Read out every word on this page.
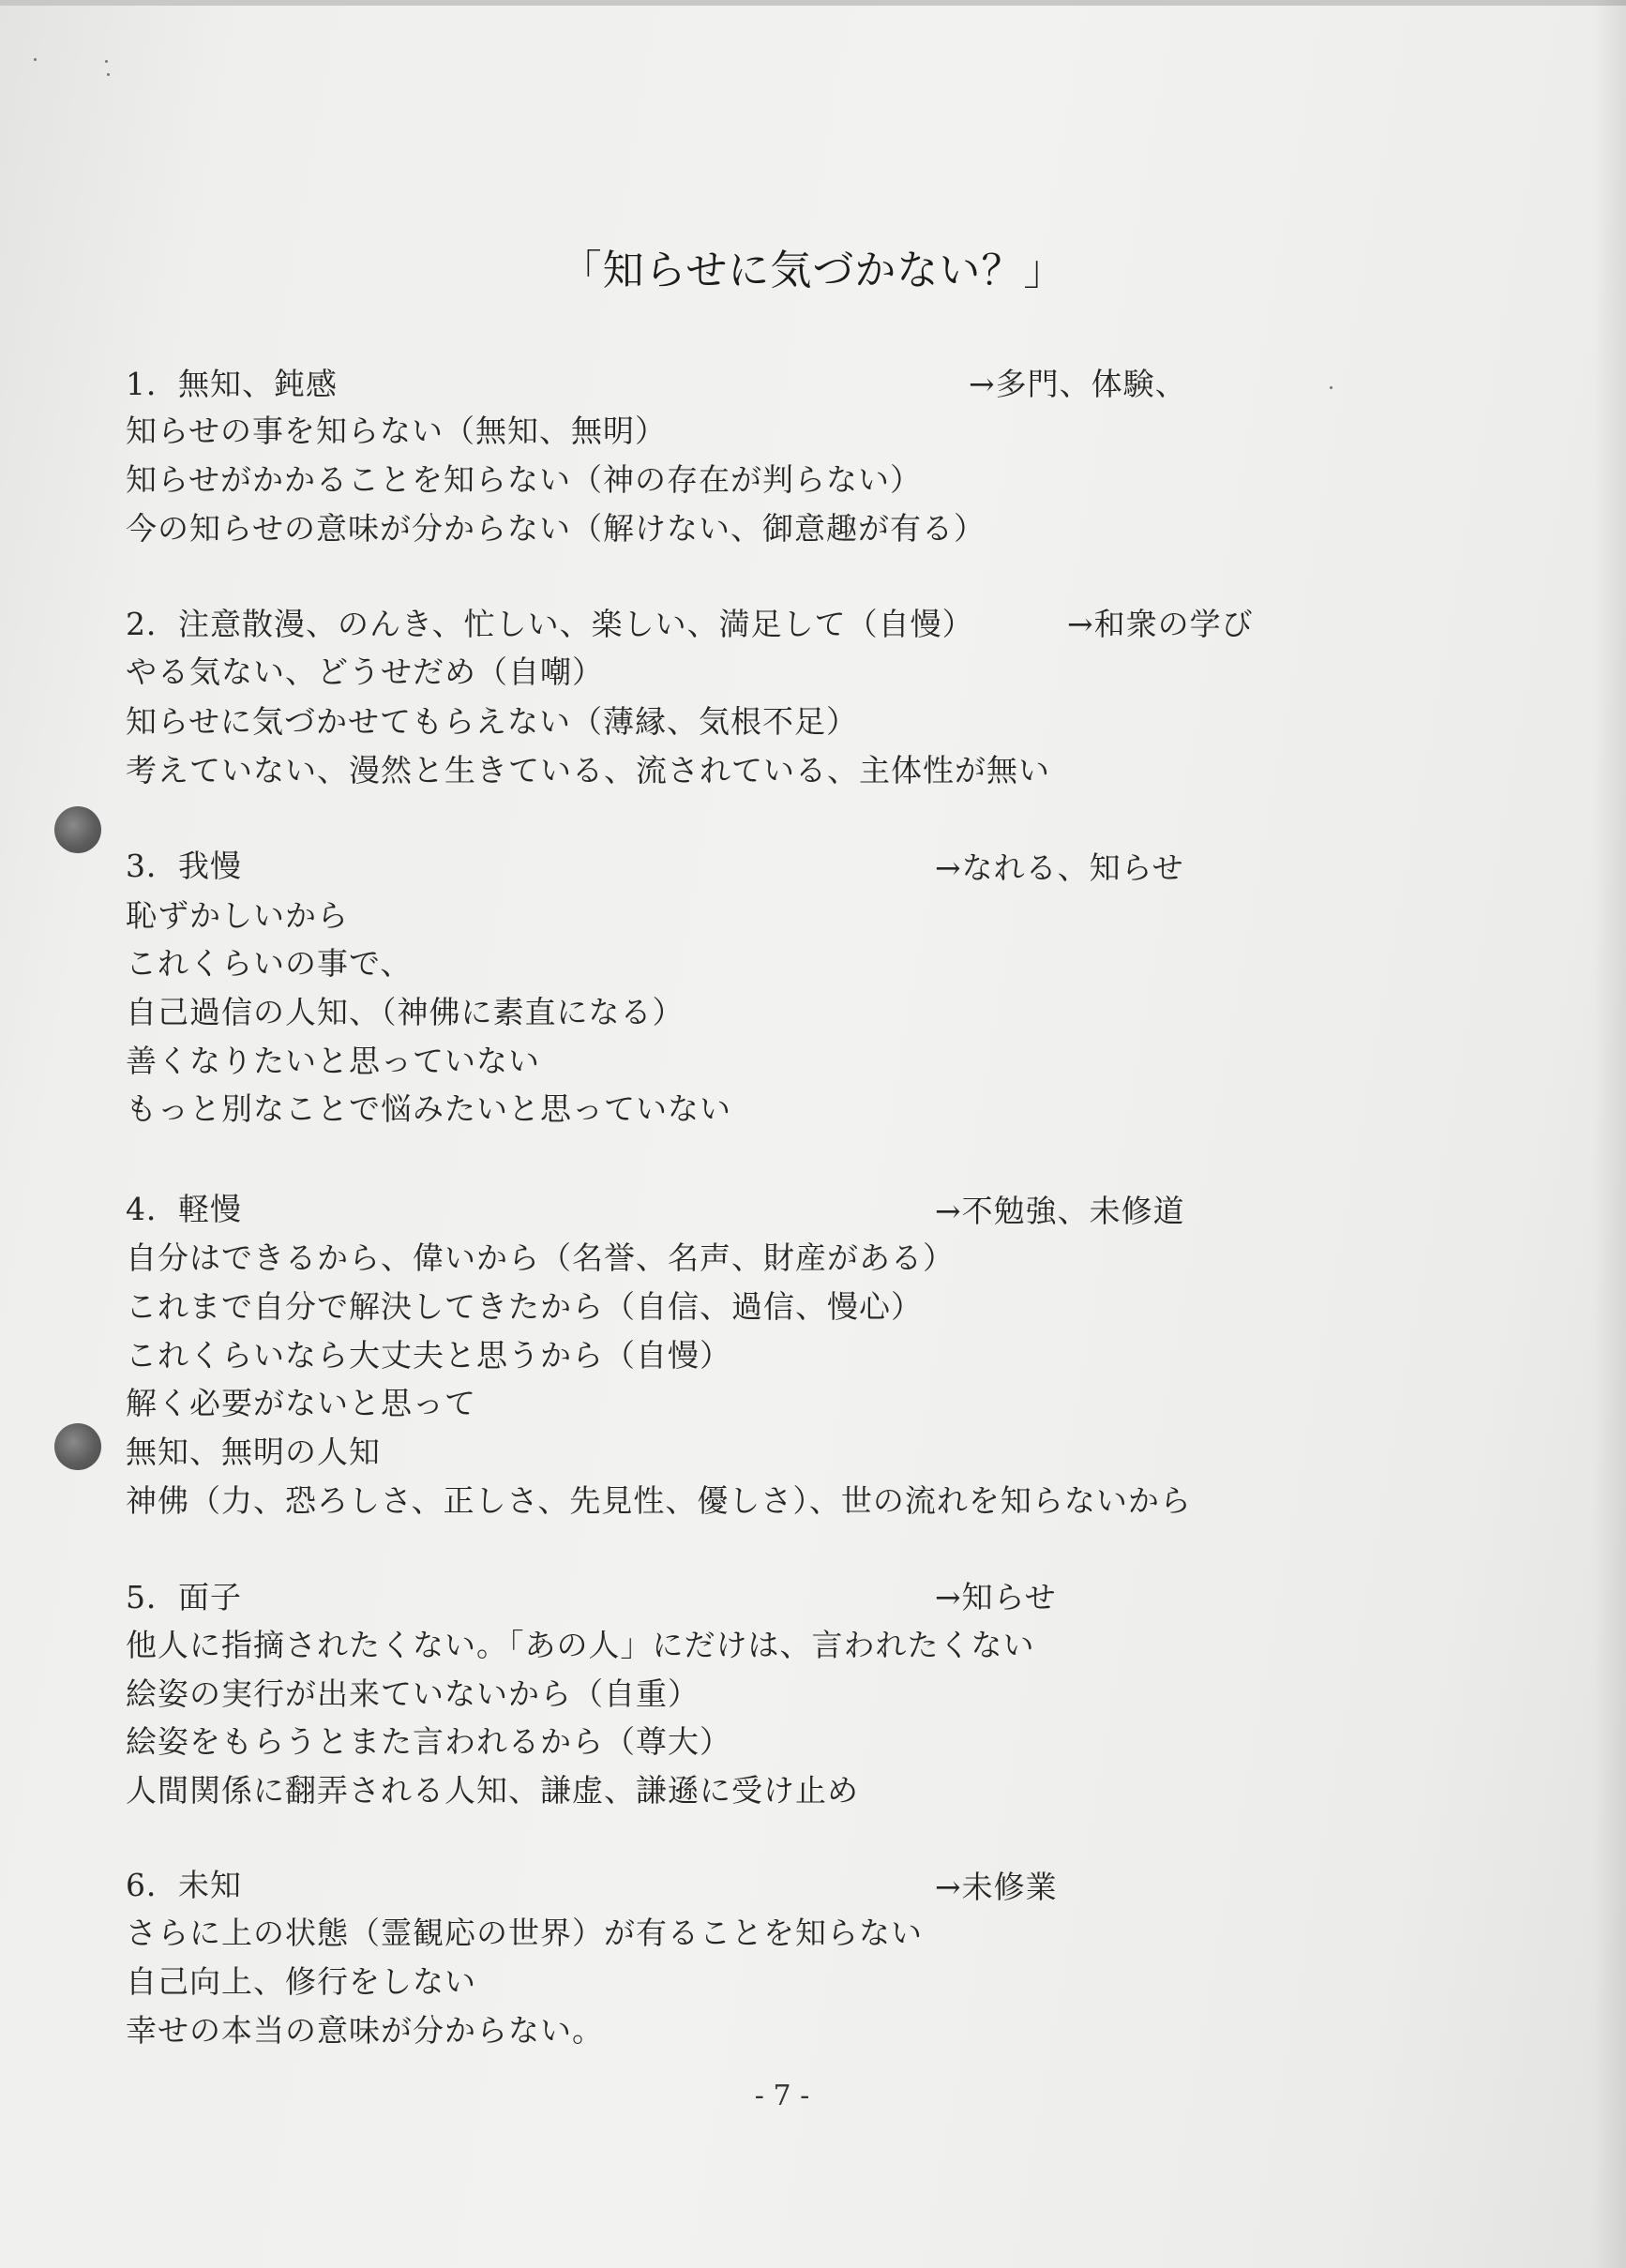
「知らせに気づかない？」
1．無知、鈍感	→多門、体験、
知らせの事を知らない（無知、無明）
知らせがかかることを知らない（神の存在が判らない）
今の知らせの意味が分からない（解けない、御意趣が有る）
2．注意散漫、のんき、忙しい、楽しい、満足して（自慢）	→和衆の学び
やる気ない、どうせだめ（自嘲）
知らせに気づかせてもらえない（薄縁、気根不足）
考えていない、漫然と生きている、流されている、主体性が無い
3．我慢	→なれる、知らせ
恥ずかしいから
これくらいの事で、
自己過信の人知、（神佛に素直になる）
善くなりたいと思っていない
もっと別なことで悩みたいと思っていない
4．軽慢	→不勉強、未修道
自分はできるから、偉いから（名誉、名声、財産がある）
これまで自分で解決してきたから（自信、過信、慢心）
これくらいなら大丈夫と思うから（自慢）
解く必要がないと思って
無知、無明の人知
神佛（力、恐ろしさ、正しさ、先見性、優しさ）、世の流れを知らないから
5．面子	→知らせ
他人に指摘されたくない。「あの人」にだけは、言われたくない
絵姿の実行が出来ていないから（自重）
絵姿をもらうとまた言われるから（尊大）
人間関係に翻弄される人知、謙虚、謙遜に受け止め
6．未知	→未修業
さらに上の状態（霊観応の世界）が有ることを知らない
自己向上、修行をしない
幸せの本当の意味が分からない。
- 7 -
